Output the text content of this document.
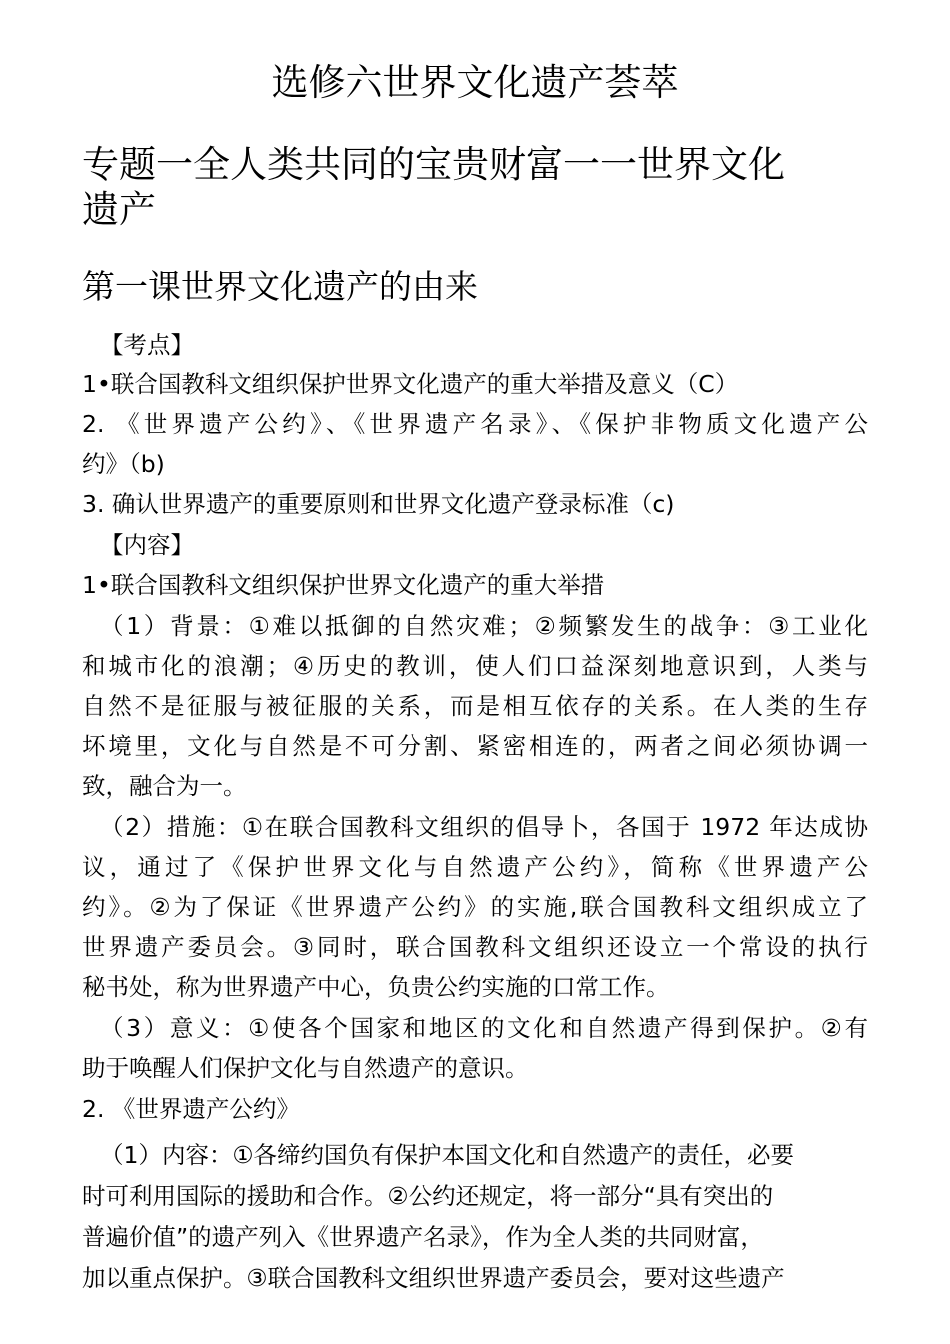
选修六世界文化遗产荟萃
专题一全人类共同的宝贵财富一一世界文化
遗产
第一课世界文化遗产的由来
【考点】
1•联合国教科文组织保护世界文化遗产的重大举措及意义（C）
2. 《世界遗产公约》、《世界遗产名录》、《保护非物质文化遗产公
约》（b)
3. 确认世界遗产的重要原则和世界文化遗产登录标准（c)
【内容】
1•联合国教科文组织保护世界文化遗产的重大举措
（1）背景：①难以抵御的自然灾难；②频繁发生的战争：③工业化
和城市化的浪潮；④历史的教训，使人们口益深刻地意识到，人类与
自然不是征服与被征服的关系，而是相互依存的关系。在人类的生存
坏境里，文化与自然是不可分割、紧密相连的，两者之间必须协调一
致，融合为一。
（2）措施：①在联合国教科文组织的倡导卜，各国于 1972 年达成协
议，通过了《保护世界文化与自然遗产公约》，简称《世界遗产公
约》。②为了保证《世界遗产公约》的实施,联合国教科文组织成立了
世界遗产委员会。③同时，联合国教科文组织还设立一个常设的执行
秘书处，称为世界遗产中心，负贵公约实施的口常工作。
（3）意义：①使各个国家和地区的文化和自然遗产得到保护。②有
助于唤醒人们保护文化与自然遗产的意识。
2. 《世界遗产公约》
（1）内容：①各缔约国负有保护本国文化和自然遗产的责任，必要
时可利用国际的援助和合作。②公约还规定，将一部分“具有突出的
普遍价值”的遗产列入《世界遗产名录》，作为全人类的共同财富，
加以重点保护。③联合国教科文组织世界遗产委员会，要对这些遗产
